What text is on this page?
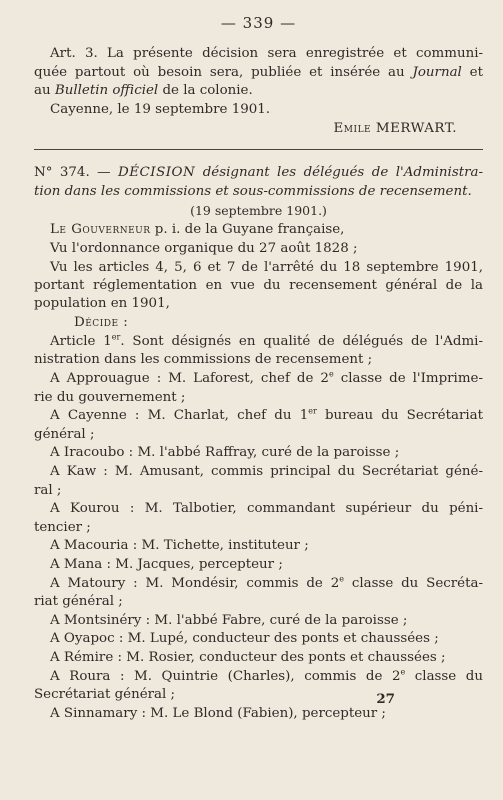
— 339 —
Art. 3. La présente décision sera enregistrée et communi-
quée partout où besoin sera, publiée et insérée au Journal et
au Bulletin officiel de la colonie.
Cayenne, le 19 septembre 1901.
Emile MERWART.
N° 374. — DÉCISION désignant les délégués de l'Administra-
tion dans les commissions et sous-commissions de recensement.
(19 septembre 1901.)
Le Gouverneur p. i. de la Guyane française,
Vu l'ordonnance organique du 27 août 1828 ;
Vu les articles 4, 5, 6 et 7 de l'arrêté du 18 septembre 1901,
portant réglementation en vue du recensement général de la
population en 1901,
Décide :
Article 1er. Sont désignés en qualité de délégués de l'Admi-
nistration dans les commissions de recensement ;
A Approuague : M. Laforest, chef de 2e classe de l'Imprime-
rie du gouvernement ;
A Cayenne : M. Charlat, chef du 1er bureau du Secrétariat
général ;
A Iracoubo : M. l'abbé Raffray, curé de la paroisse ;
A Kaw : M. Amusant, commis principal du Secrétariat géné-
ral ;
A Kourou : M. Talbotier, commandant supérieur du péni-
tencier ;
A Macouria : M. Tichette, instituteur ;
A Mana : M. Jacques, percepteur ;
A Matoury : M. Mondésir, commis de 2e classe du Secréta-
riat général ;
A Montsinéry : M. l'abbé Fabre, curé de la paroisse ;
A Oyapoc : M. Lupé, conducteur des ponts et chaussées ;
A Rémire : M. Rosier, conducteur des ponts et chaussées ;
A Roura : M. Quintrie (Charles), commis de 2e classe du
Secrétariat général ;
A Sinnamary : M. Le Blond (Fabien), percepteur ;
27
